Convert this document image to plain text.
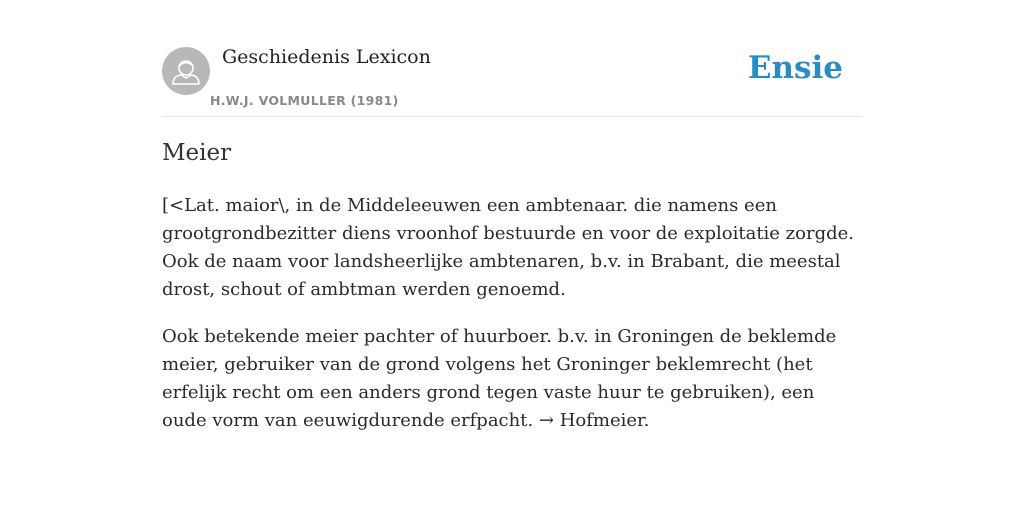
Geschiedenis Lexicon
H.W.J. VOLMULLER (1981)
Ensie
Meier

[<Lat. maior\, in de Middeleeuwen een ambtenaar. die namens een grootgrondbezitter diens vroonhof bestuurde en voor de exploitatie zorgde. Ook de naam voor landsheerlijke ambtenaren, b.v. in Brabant, die meestal drost, schout of ambtman werden genoemd.

Ook betekende meier pachter of huurboer. b.v. in Groningen de beklemde meier, gebruiker van de grond volgens het Groninger beklemrecht (het erfelijk recht om een anders grond tegen vaste huur te gebruiken), een oude vorm van eeuwigdurende erfpacht. → Hofmeier.
